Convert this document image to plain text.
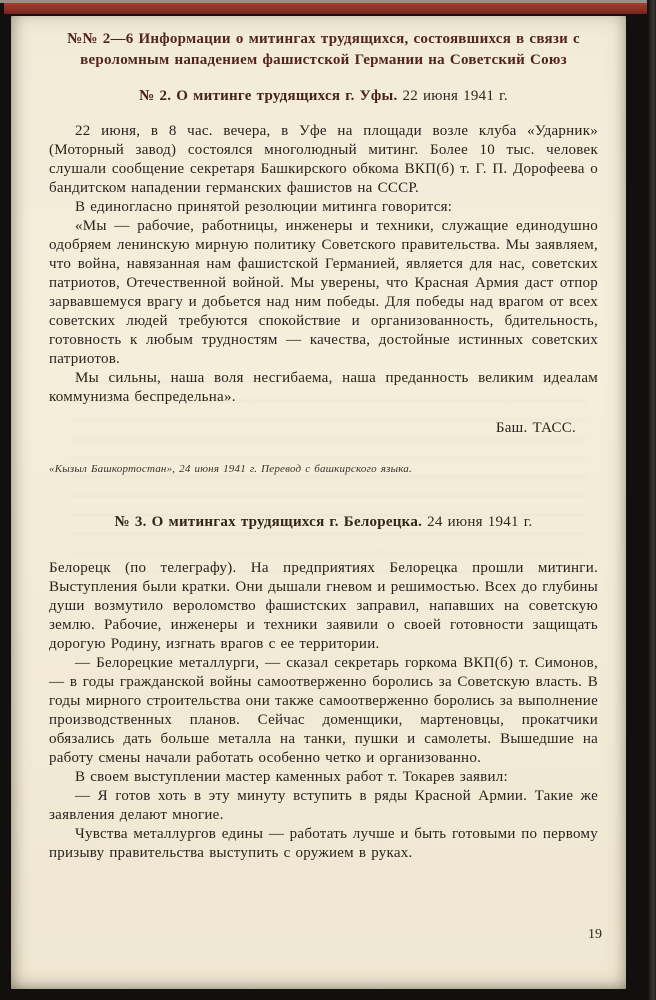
№№ 2—6 Информации о митингах трудящихся, состоявшихся в связи с вероломным нападением фашистской Германии на Советский Союз
№ 2. О митинге трудящихся г. Уфы. 22 июня 1941 г.

22 июня, в 8 час. вечера, в Уфе на площади возле клуба «Ударник» (Моторный завод) состоялся многолюдный митинг. Более 10 тыс. человек слушали сообщение секретаря Башкирского обкома ВКП(б) т. Г. П. Дорофеева о бандитском нападении германских фашистов на СССР.

В единогласно принятой резолюции митинга говорится:

«Мы — рабочие, работницы, инженеры и техники, служащие единодушно одобряем ленинскую мирную политику Советского правительства. Мы заявляем, что война, навязанная нам фашистской Германией, является для нас, советских патриотов, Отечественной войной. Мы уверены, что Красная Армия даст отпор зарвавшемуся врагу и добьется над ним победы. Для победы над врагом от всех советских людей требуются спокойствие и организованность, бдительность, готовность к любым трудностям — качества, достойные истинных советских патриотов.

Мы сильны, наша воля несгибаема, наша преданность великим идеалам коммунизма беспредельна».

Баш. ТАСС.
«Кызыл Башкортостан», 24 июня 1941 г. Перевод с башкирского языка.
№ 3. О митингах трудящихся г. Белорецка. 24 июня 1941 г.

Белорецк (по телеграфу). На предприятиях Белорецка прошли митинги. Выступления были кратки. Они дышали гневом и решимостью. Всех до глубины души возмутило вероломство фашистских заправил, напавших на советскую землю. Рабочие, инженеры и техники заявили о своей готовности защищать дорогую Родину, изгнать врагов с ее территории.

— Белорецкие металлурги, — сказал секретарь горкома ВКП(б) т. Симонов, — в годы гражданской войны самоотверженно боролись за Советскую власть. В годы мирного строительства они также самоотверженно боролись за выполнение производственных планов. Сейчас доменщики, мартеновцы, прокатчики обязались дать больше металла на танки, пушки и самолеты. Вышедшие на работу смены начали работать особенно четко и организованно.

В своем выступлении мастер каменных работ т. Токарев заявил:

— Я готов хоть в эту минуту вступить в ряды Красной Армии. Такие же заявления делают многие.

Чувства металлургов едины — работать лучше и быть готовыми по первому призыву правительства выступить с оружием в руках.

19
